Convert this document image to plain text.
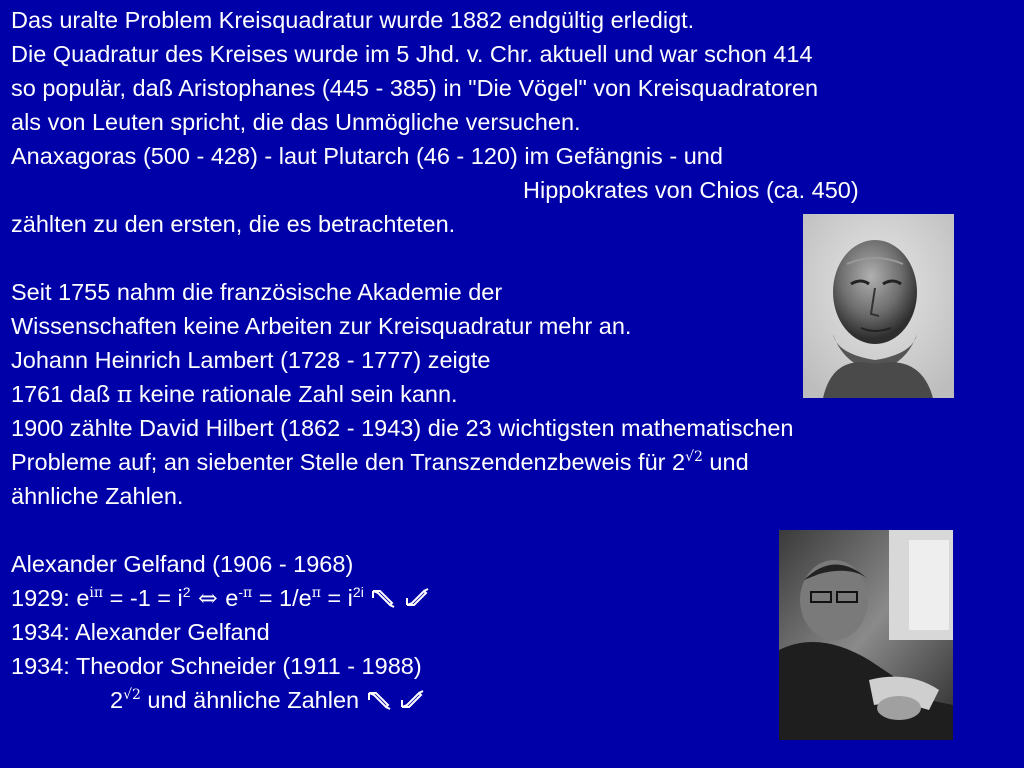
Das uralte Problem Kreisquadratur wurde 1882 endgültig erledigt.
Die Quadratur des Kreises wurde im 5 Jhd. v. Chr. aktuell und war schon 414
so populär, daß Aristophanes (445 - 385) in "Die Vögel" von Kreisquadratoren
als von Leuten spricht, die das Unmögliche versuchen.
Anaxagoras (500 - 428) - laut Plutarch (46 - 120) im Gefängnis - und
Hippokrates von Chios (ca. 450)
zählten zu den ersten, die es betrachteten.
Seit 1755 nahm die französische Akademie der
Wissenschaften keine Arbeiten zur Kreisquadratur mehr an.
Johann Heinrich Lambert (1728 - 1777) zeigte
1761 daß π keine rationale Zahl sein kann.
1900 zählte David Hilbert (1862 - 1943) die 23 wichtigsten mathematischen
Probleme auf; an siebenter Stelle den Transzendenzbeweis für $2^{√2}$ und
ähnliche Zahlen.
Alexander Gelfand (1906 - 1968)
1929: $e^{i\pi} = -1 = i^2$ ⇔ $e^{-\pi} = 1/e^\pi = i^{2i}$
1934: Alexander Gelfand
1934: Theodor Schneider (1911 - 1988)
$2^{√2}$ und ähnliche Zahlen
